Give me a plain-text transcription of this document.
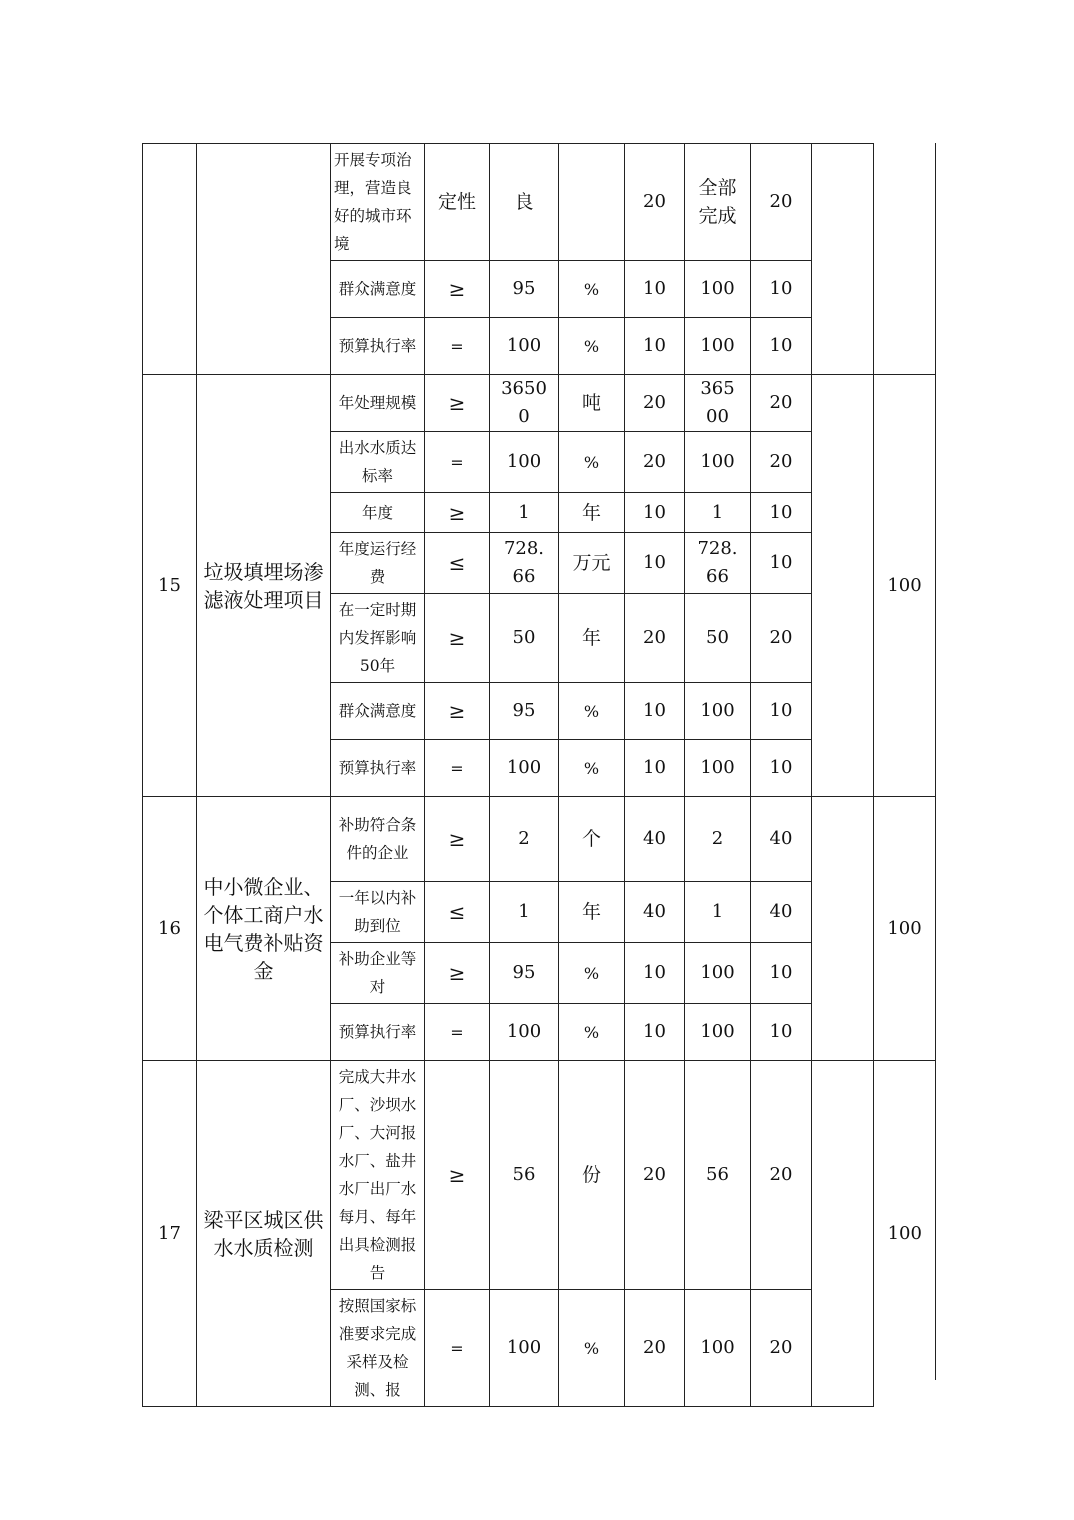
		开展专项治理，营造良好的城市环境	定性	良		20	全部完成	20		
		群众满意度	≥	95	%	10	100	10		
		预算执行率	=	100	%	10	100	10		
15	垃圾填埋场渗滤液处理项目	年处理规模	≥	36500	吨	20	36500	20		100
		出水水质达标率	=	100	%	20	100	20		
		年度	≥	1	年	10	1	10		
		年度运行经费	≤	728.66	万元	10	728.66	10		
		在一定时期内发挥影响50年	≥	50	年	20	50	20		
		群众满意度	≥	95	%	10	100	10		
		预算执行率	=	100	%	10	100	10		
16	中小微企业、个体工商户水电气费补贴资金	补助符合条件的企业	≥	2	个	40	2	40		100
		一年以内补助到位	≤	1	年	40	1	40		
		补助企业等对	≥	95	%	10	100	10		
		预算执行率	=	100	%	10	100	10		
17	梁平区城区供水水质检测	完成大井水厂、沙坝水厂、大河报水厂、盐井水厂出厂水每月、每年出具检测报告	≥	56	份	20	56	20		100
		按照国家标准要求完成采样及检测、报	=	100	%	20	100	20		
